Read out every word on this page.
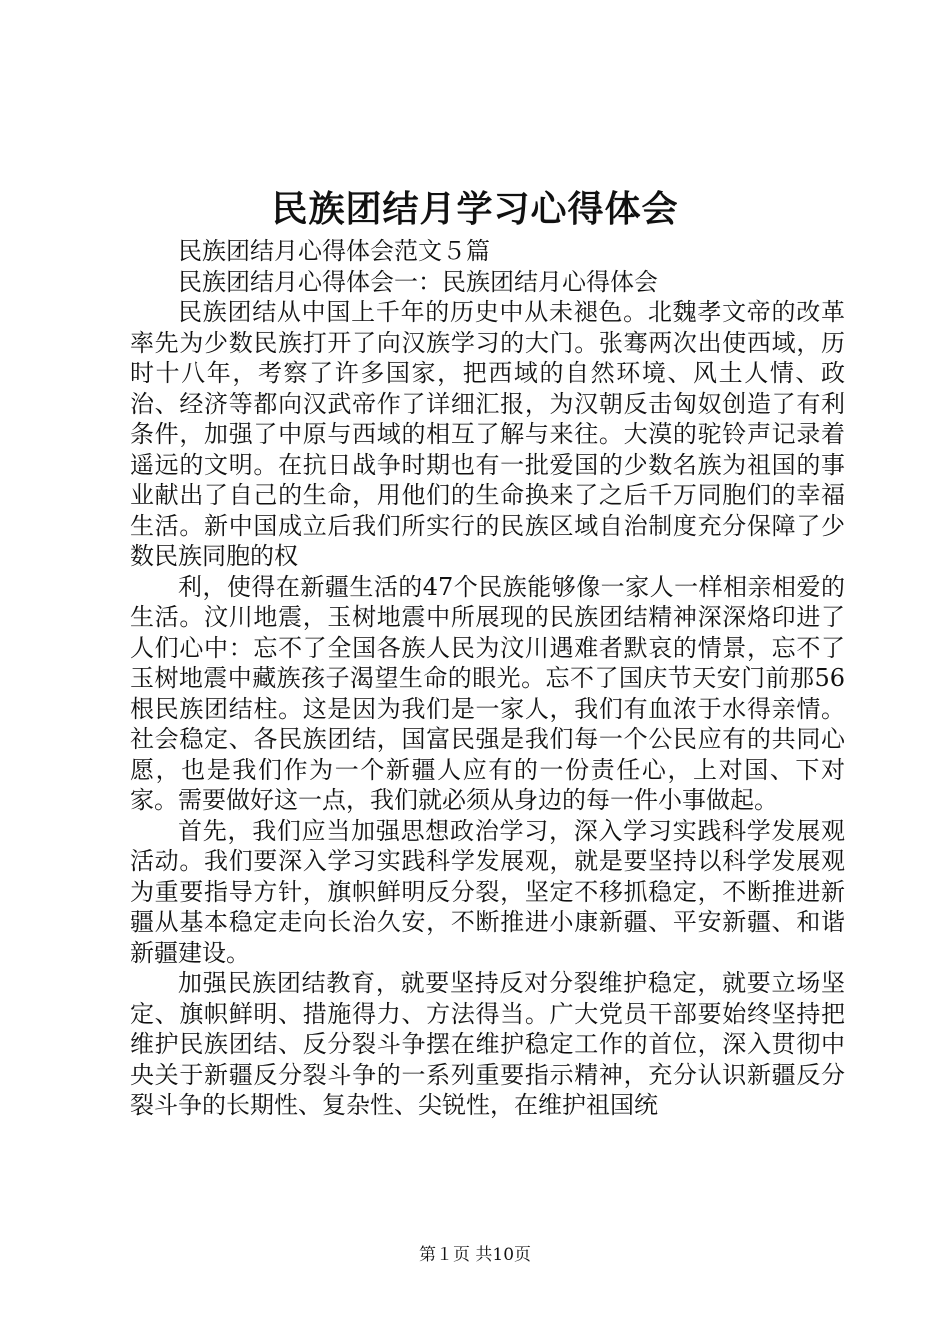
民族团结月学习心得体会

民族团结月心得体会范文５篇

民族团结月心得体会一：民族团结月心得体会

民族团结从中国上千年的历史中从未褪色。北魏孝文帝的改革率先为少数民族打开了向汉族学习的大门。张骞两次出使西域，历时十八年，考察了许多国家，把西域的自然环境、风土人情、政治、经济等都向汉武帝作了详细汇报，为汉朝反击匈奴创造了有利条件，加强了中原与西域的相互了解与来往。大漠的驼铃声记录着遥远的文明。在抗日战争时期也有一批爱国的少数名族为祖国的事业献出了自己的生命，用他们的生命换来了之后千万同胞们的幸福生活。新中国成立后我们所实行的民族区域自治制度充分保障了少数民族同胞的权

利，使得在新疆生活的47个民族能够像一家人一样相亲相爱的生活。汶川地震，玉树地震中所展现的民族团结精神深深烙印进了人们心中：忘不了全国各族人民为汶川遇难者默哀的情景，忘不了玉树地震中藏族孩子渴望生命的眼光。忘不了国庆节天安门前那56根民族团结柱。这是因为我们是一家人，我们有血浓于水得亲情。社会稳定、各民族团结，国富民强是我们每一个公民应有的共同心愿，也是我们作为一个新疆人应有的一份责任心，上对国、下对家。需要做好这一点，我们就必须从身边的每一件小事做起。

首先，我们应当加强思想政治学习，深入学习实践科学发展观活动。我们要深入学习实践科学发展观，就是要坚持以科学发展观为重要指导方针，旗帜鲜明反分裂，坚定不移抓稳定，不断推进新疆从基本稳定走向长治久安，不断推进小康新疆、平安新疆、和谐新疆建设。

加强民族团结教育，就要坚持反对分裂维护稳定，就要立场坚定、旗帜鲜明、措施得力、方法得当。广大党员干部要始终坚持把维护民族团结、反分裂斗争摆在维护稳定工作的首位，深入贯彻中央关于新疆反分裂斗争的一系列重要指示精神，充分认识新疆反分裂斗争的长期性、复杂性、尖锐性，在维护祖国统

第１页 共10页
